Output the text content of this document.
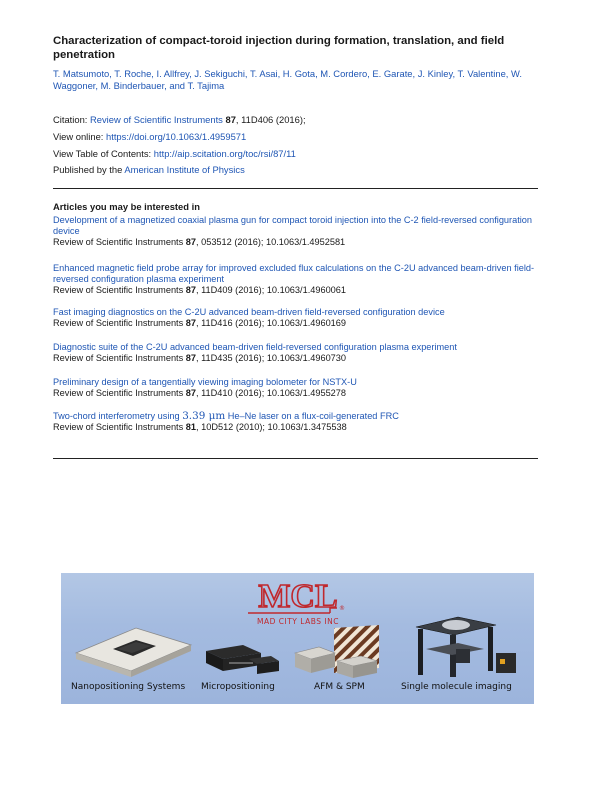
Characterization of compact-toroid injection during formation, translation, and field penetration
T. Matsumoto, T. Roche, I. Allfrey, J. Sekiguchi, T. Asai, H. Gota, M. Cordero, E. Garate, J. Kinley, T. Valentine, W. Waggoner, M. Binderbauer, and T. Tajima
Citation: Review of Scientific Instruments 87, 11D406 (2016);
View online: https://doi.org/10.1063/1.4959571
View Table of Contents: http://aip.scitation.org/toc/rsi/87/11
Published by the American Institute of Physics
Articles you may be interested in
Development of a magnetized coaxial plasma gun for compact toroid injection into the C-2 field-reversed configuration device
Review of Scientific Instruments 87, 053512 (2016); 10.1063/1.4952581
Enhanced magnetic field probe array for improved excluded flux calculations on the C-2U advanced beam-driven field-reversed configuration plasma experiment
Review of Scientific Instruments 87, 11D409 (2016); 10.1063/1.4960061
Fast imaging diagnostics on the C-2U advanced beam-driven field-reversed configuration device
Review of Scientific Instruments 87, 11D416 (2016); 10.1063/1.4960169
Diagnostic suite of the C-2U advanced beam-driven field-reversed configuration plasma experiment
Review of Scientific Instruments 87, 11D435 (2016); 10.1063/1.4960730
Preliminary design of a tangentially viewing imaging bolometer for NSTX-U
Review of Scientific Instruments 87, 11D410 (2016); 10.1063/1.4955278
Two-chord interferometry using 3.39 μm He–Ne laser on a flux-coil-generated FRC
Review of Scientific Instruments 81, 10D512 (2010); 10.1063/1.3475538
MCL ®
MAD CITY LABS INC
Nanopositioning Systems Micropositioning	AFM & SPM	Single molecule imaging
